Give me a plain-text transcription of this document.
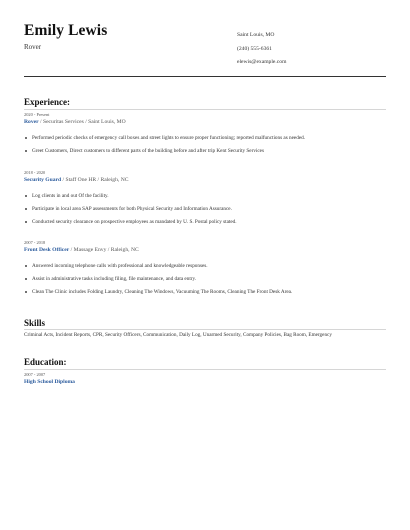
Emily Lewis
Rover
Saint Louis, MO
(240) 555-6361
elewis@example.com
Experience:
2020 - Present
Rover / Securitas Services / Saint Louis, MO
Performed periodic checks of emergency call boxes and street lights to ensure proper functioning; reported malfunctions as needed.
Greet Customers, Direct customers to different parts of the building before and after trip Kent Security Services
2018 - 2020
Security Guard / Staff One HR / Raleigh, NC
Log clients in and out Of the facility.
Participate in local area SAP assessments for both Physical Security and Information Assurance.
Conducted security clearance on prospective employees as mandated by U. S. Postal policy stated.
2007 - 2018
Front Desk Officer / Massage Envy / Raleigh, NC
Answered incoming telephone calls with professional and knowledgeable responses.
Assist in administrative tasks including filing, file maintenance, and data entry.
Clean The Clinic includes Folding Laundry, Cleaning The Windows, Vacuuming The Rooms, Cleaning The Front Desk Area.
Skills
Criminal Acts, Incident Reports, CPR, Security Officers, Communication, Daily Log, Unarmed Security, Company Policies, Bag Room, Emergency
Education:
2007 - 2007
High School Diploma
